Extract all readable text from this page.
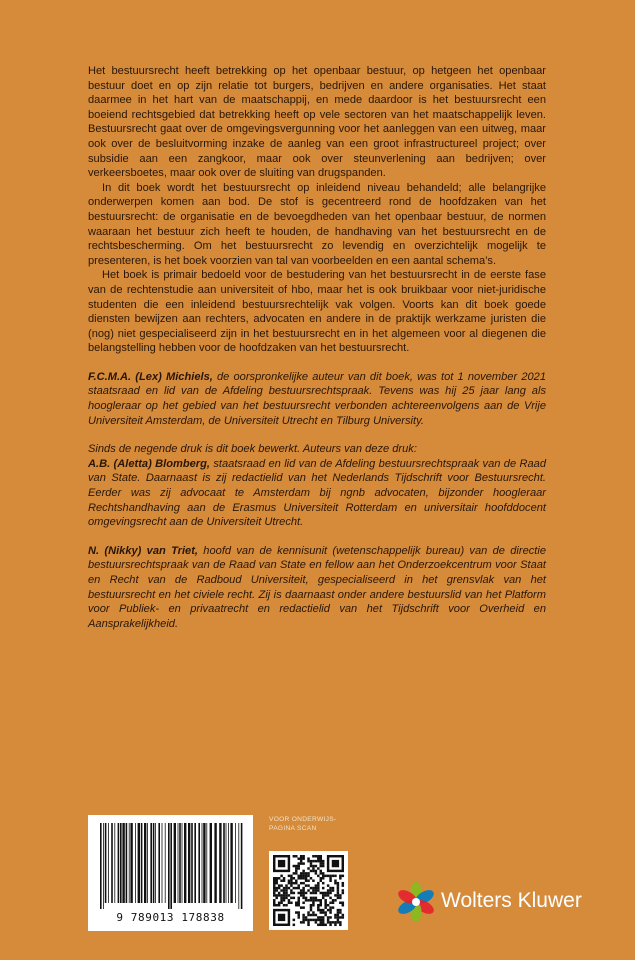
Het bestuursrecht heeft betrekking op het openbaar bestuur, op hetgeen het openbaar bestuur doet en op zijn relatie tot burgers, bedrijven en andere organisaties. Het staat daarmee in het hart van de maatschappij, en mede daardoor is het bestuursrecht een boeiend rechtsgebied dat betrekking heeft op vele sectoren van het maatschappelijk leven. Bestuursrecht gaat over de omgevingsvergunning voor het aanleggen van een uitweg, maar ook over de besluitvorming inzake de aanleg van een groot infrastructureel project; over subsidie aan een zangkoor, maar ook over steunverlening aan bedrijven; over verkeersboetes, maar ook over de sluiting van drugspanden.

In dit boek wordt het bestuursrecht op inleidend niveau behandeld; alle belangrijke onderwerpen komen aan bod. De stof is gecentreerd rond de hoofdzaken van het bestuursrecht: de organisatie en de bevoegdheden van het openbaar bestuur, de normen waaraan het bestuur zich heeft te houden, de handhaving van het bestuursrecht en de rechtsbescherming. Om het bestuursrecht zo levendig en overzichtelijk mogelijk te presenteren, is het boek voorzien van tal van voorbeelden en een aantal schema’s.

Het boek is primair bedoeld voor de bestudering van het bestuursrecht in de eerste fase van de rechtenstudie aan universiteit of hbo, maar het is ook bruikbaar voor niet-juridische studenten die een inleidend bestuursrechtelijk vak volgen. Voorts kan dit boek goede diensten bewijzen aan rechters, advocaten en andere in de praktijk werkzame juristen die (nog) niet gespecialiseerd zijn in het bestuursrecht en in het algemeen voor al diegenen die belangstelling hebben voor de hoofdzaken van het bestuursrecht.

F.C.M.A. (Lex) Michiels, de oorspronkelijke auteur van dit boek, was tot 1 november 2021 staatsraad en lid van de Afdeling bestuursrechtspraak. Tevens was hij 25 jaar lang als hoogleraar op het gebied van het bestuursrecht verbonden achtereenvolgens aan de Vrije Universiteit Amsterdam, de Universiteit Utrecht en Tilburg University.

Sinds de negende druk is dit boek bewerkt. Auteurs van deze druk:

A.B. (Aletta) Blomberg, staatsraad en lid van de Afdeling bestuursrechtspraak van de Raad van State. Daarnaast is zij redactielid van het Nederlands Tijdschrift voor Bestuursrecht. Eerder was zij advocaat te Amsterdam bij ngnb advocaten, bijzonder hoogleraar Rechtshandhaving aan de Erasmus Universiteit Rotterdam en universitair hoofddocent omgevingsrecht aan de Universiteit Utrecht.

N. (Nikky) van Triet, hoofd van de kennisunit (wetenschappelijk bureau) van de directie bestuursrechtspraak van de Raad van State en fellow aan het Onderzoekcentrum voor Staat en Recht van de Radboud Universiteit, gespecialiseerd in het grensvlak van het bestuursrecht en het civiele recht. Zij is daarnaast onder andere bestuurslid van het Platform voor Publiek- en privaatrecht en redactielid van het Tijdschrift voor Overheid en Aansprakelijkheid.

9 789013 178838
VOOR ONDERWIJS-
PAGINA SCAN
Wolters Kluwer
